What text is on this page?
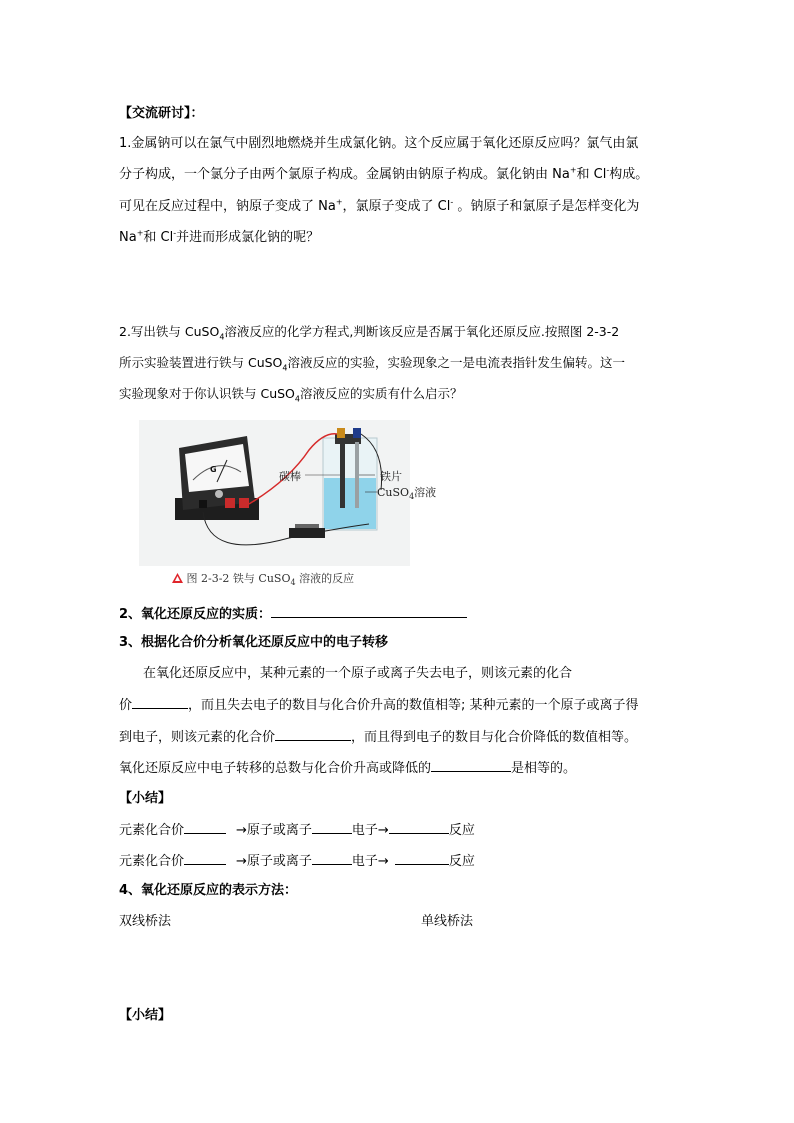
【交流研讨】：
1.金属钠可以在氯气中剧烈地燃烧并生成氯化钠。这个反应属于氧化还原反应吗？氯气由氯
分子构成，一个氯分子由两个氯原子构成。金属钠由钠原子构成。氯化钠由 Na+和 Cl-构成。
可见在反应过程中，钠原子变成了 Na+，氯原子变成了 Cl- 。钠原子和氯原子是怎样变化为
Na+和 Cl-并进而形成氯化钠的呢？
2.写出铁与 CuSO$_4$溶液反应的化学方程式,判断该反应是否属于氧化还原反应.按照图 2-3-2
所示实验装置进行铁与 CuSO$_4$溶液反应的实验，实验现象之一是电流表指针发生偏转。这一
实验现象对于你认识铁与 CuSO$_4$溶液反应的实质有什么启示？
G
碳棒	铁片
CuSO$_4$溶液
图 2-3-2 铁与 CuSO$_4$ 溶液的反应
2、氧化还原反应的实质：
3、根据化合价分析氧化还原反应中的电子转移
在氧化还原反应中，某种元素的一个原子或离子失去电子，则该元素的化合
价	，而且失去电子的数目与化合价升高的数值相等; 某种元素的一个原子或离子得
到电子，则该元素的化合价	，而且得到电子的数目与化合价降低的数值相等。
氧化还原反应中电子转移的总数与化合价升高或降低的	是相等的。
【小结】
元素化合价	→原子或离子	电子→	反应
元素化合价	→原子或离子	电子→	反应
4、氧化还原反应的表示方法：
双线桥法	单线桥法
【小结】
